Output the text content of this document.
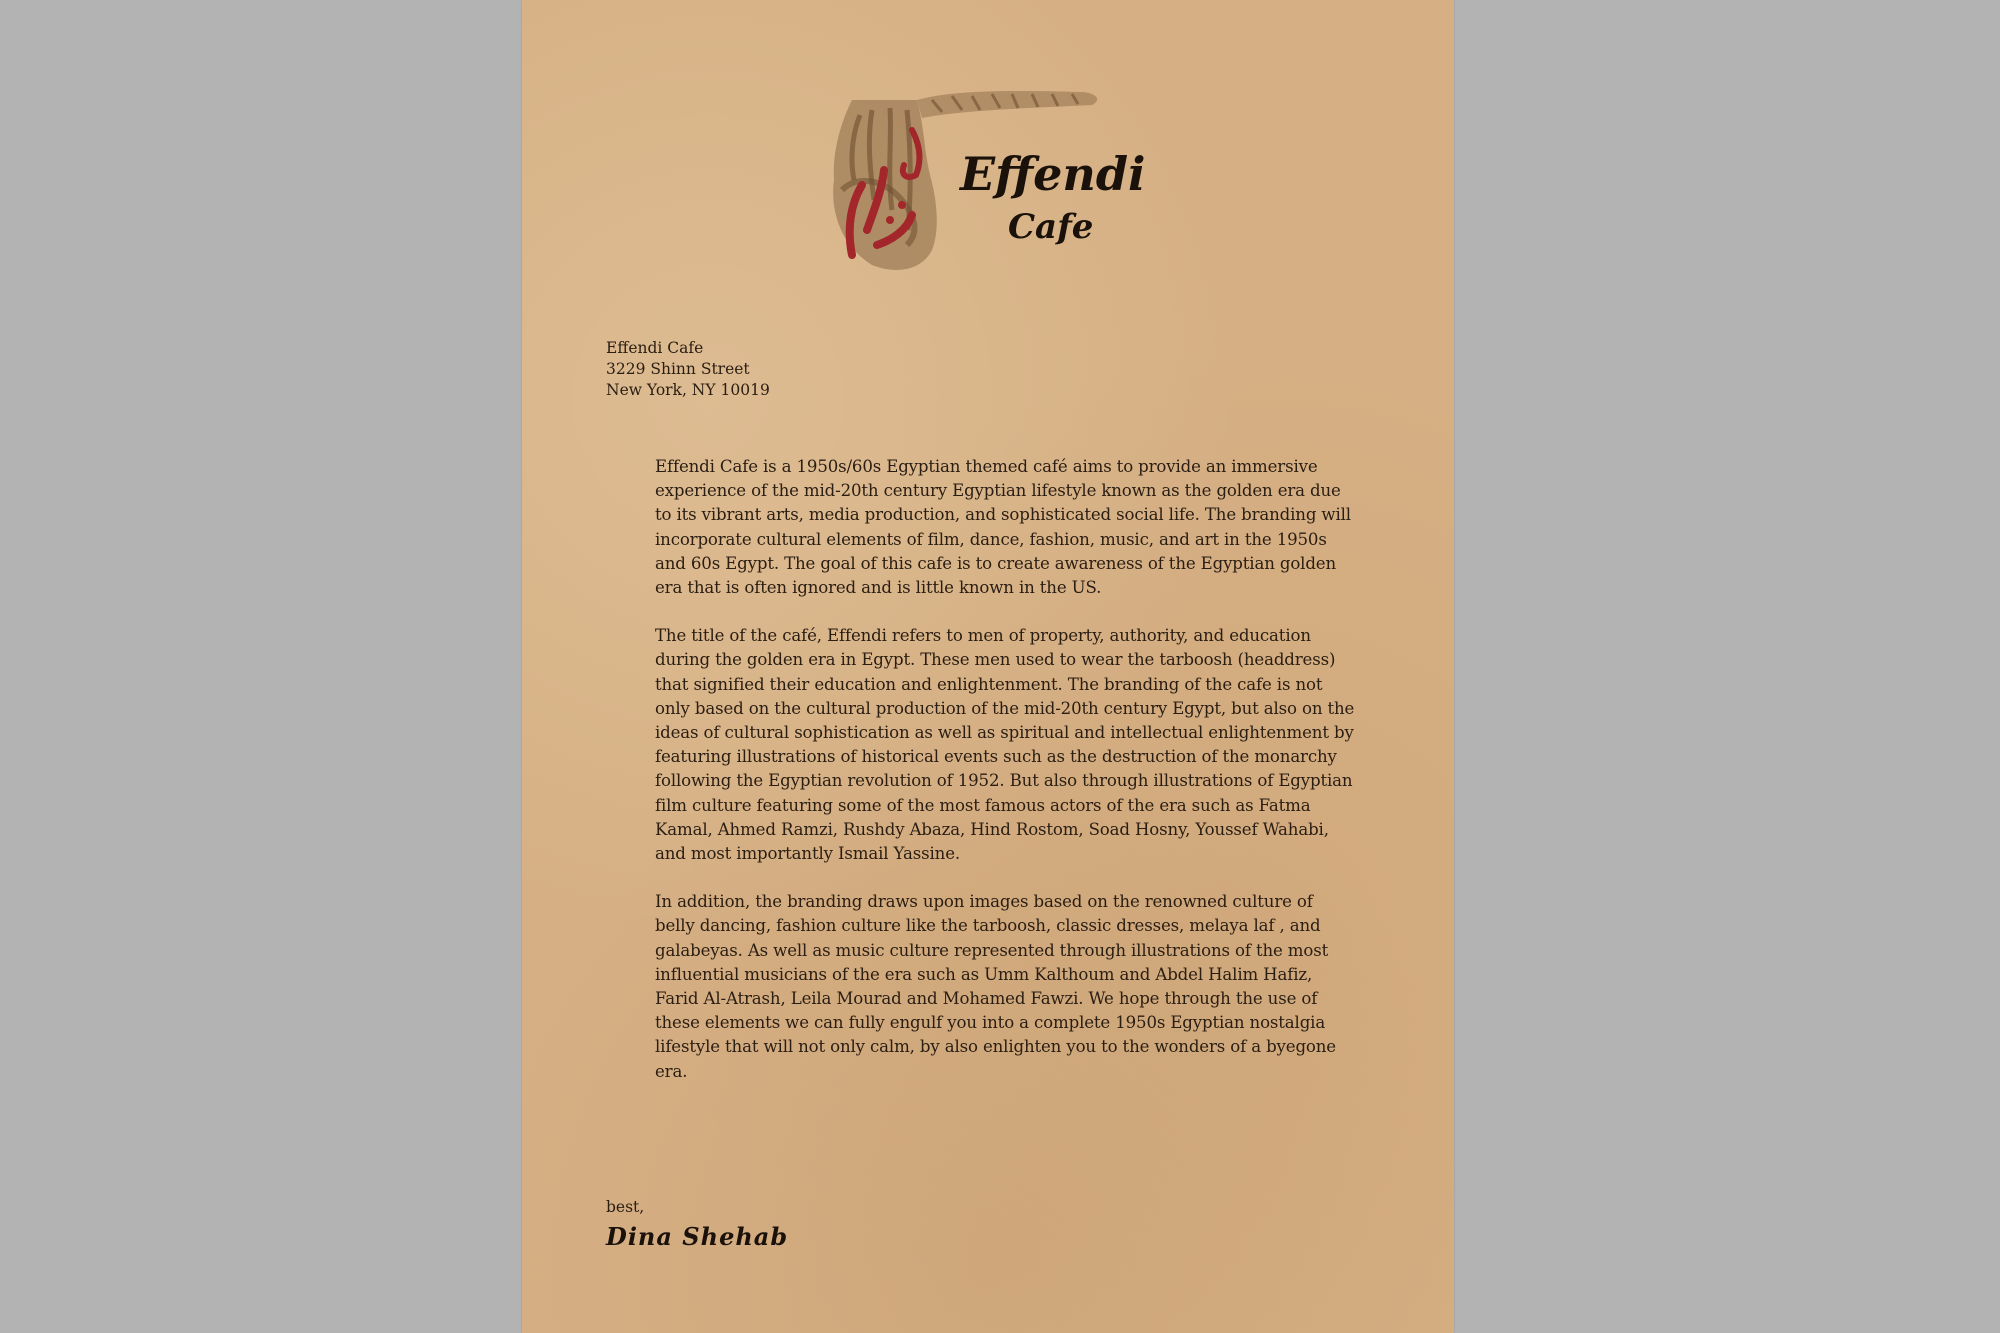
Effendi
Cafe
Effendi Cafe
3229 Shinn Street
New York, NY 10019

Effendi Cafe is a 1950s/60s Egyptian themed café aims to provide an immersive experience of the mid-20th century Egyptian lifestyle known as the golden era due to its vibrant arts, media production, and sophisticated social life. The branding will incorporate cultural elements of film, dance, fashion, music, and art in the 1950s and 60s Egypt. The goal of this cafe is to create awareness of the Egyptian golden era that is often ignored and is little known in the US.

The title of the café, Effendi refers to men of property, authority, and education during the golden era in Egypt. These men used to wear the tarboosh (headdress) that signified their education and enlightenment. The branding of the cafe is not only based on the cultural production of the mid-20th century Egypt, but also on the ideas of cultural sophistication as well as spiritual and intellectual enlightenment by featuring illustrations of historical events such as the destruction of the monarchy following the Egyptian revolution of 1952. But also through illustrations of Egyptian film culture featuring some of the most famous actors of the era such as Fatma Kamal, Ahmed Ramzi, Rushdy Abaza, Hind Rostom, Soad Hosny, Youssef Wahabi, and most importantly Ismail Yassine.

In addition, the branding draws upon images based on the renowned culture of belly dancing, fashion culture like the tarboosh, classic dresses, melaya laf , and galabeyas. As well as music culture represented through illustrations of the most influential musicians of the era such as Umm Kalthoum and Abdel Halim Hafiz, Farid Al-Atrash, Leila Mourad and Mohamed Fawzi. We hope through the use of these elements we can fully engulf you into a complete 1950s Egyptian nostalgia lifestyle that will not only calm, by also enlighten you to the wonders of a byegone era.

best,
Dina Shehab
